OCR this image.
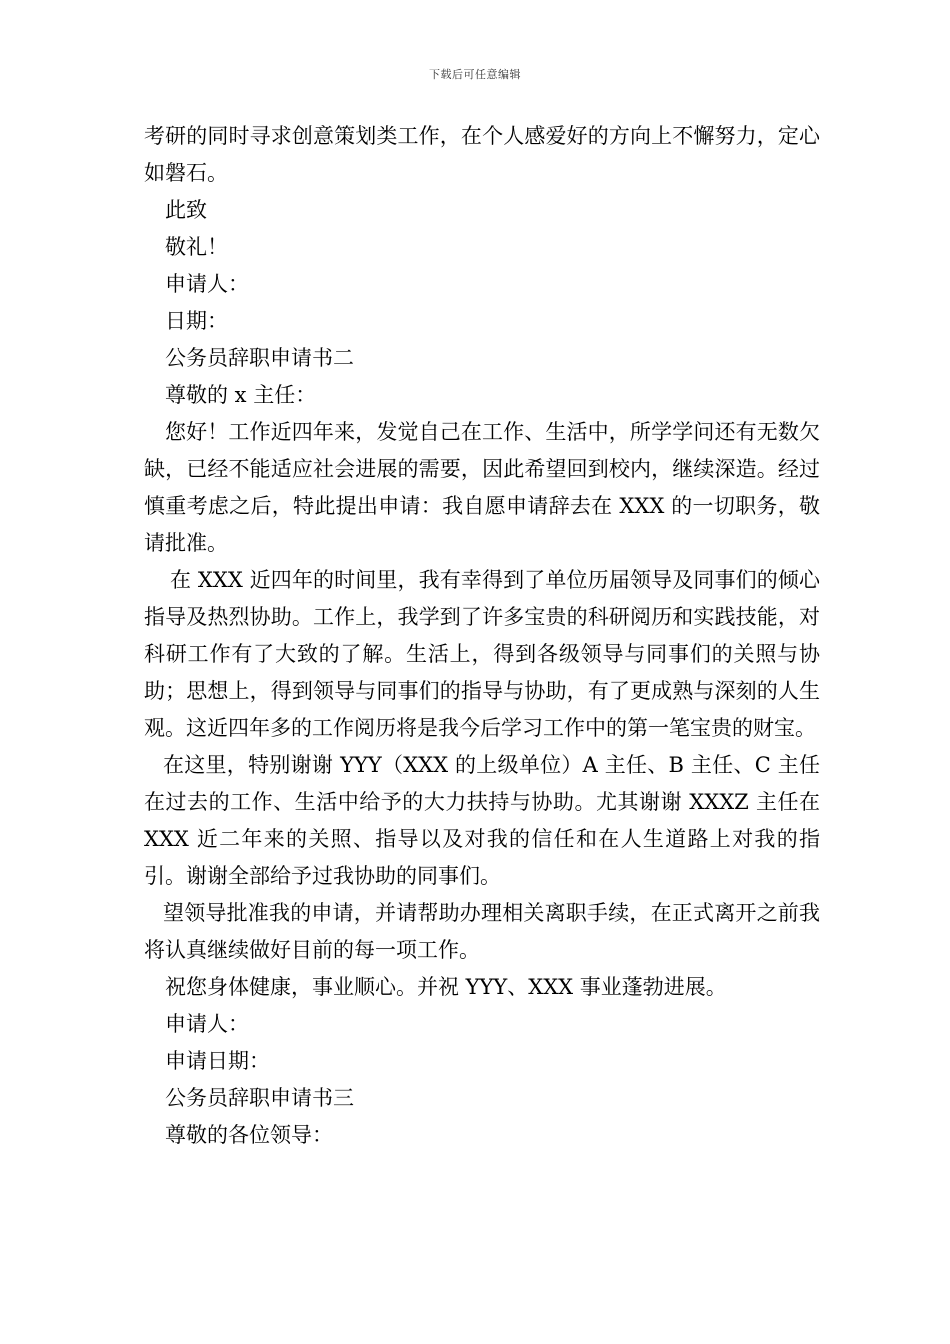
下载后可任意编辑

考研的同时寻求创意策划类工作，在个人感爱好的方向上不懈努力，定心如磐石。

此致

敬礼！

申请人：

日期：

公务员辞职申请书二

尊敬的 x 主任：

您好！工作近四年来，发觉自己在工作、生活中，所学学问还有无数欠缺，已经不能适应社会进展的需要，因此希望回到校内，继续深造。经过慎重考虑之后，特此提出申请：我自愿申请辞去在 XXX 的一切职务，敬请批准。

在 XXX 近四年的时间里，我有幸得到了单位历届领导及同事们的倾心指导及热烈协助。工作上，我学到了许多宝贵的科研阅历和实践技能，对科研工作有了大致的了解。生活上，得到各级领导与同事们的关照与协助；思想上，得到领导与同事们的指导与协助，有了更成熟与深刻的人生观。这近四年多的工作阅历将是我今后学习工作中的第一笔宝贵的财宝。

在这里，特别谢谢 YYY（XXX 的上级单位）A 主任、B 主任、C 主任在过去的工作、生活中给予的大力扶持与协助。尤其谢谢 XXXZ 主任在 XXX 近二年来的关照、指导以及对我的信任和在人生道路上对我的指引。谢谢全部给予过我协助的同事们。

望领导批准我的申请，并请帮助办理相关离职手续，在正式离开之前我将认真继续做好目前的每一项工作。

祝您身体健康，事业顺心。并祝 YYY、XXX 事业蓬勃进展。

申请人：

申请日期：

公务员辞职申请书三

尊敬的各位领导：
